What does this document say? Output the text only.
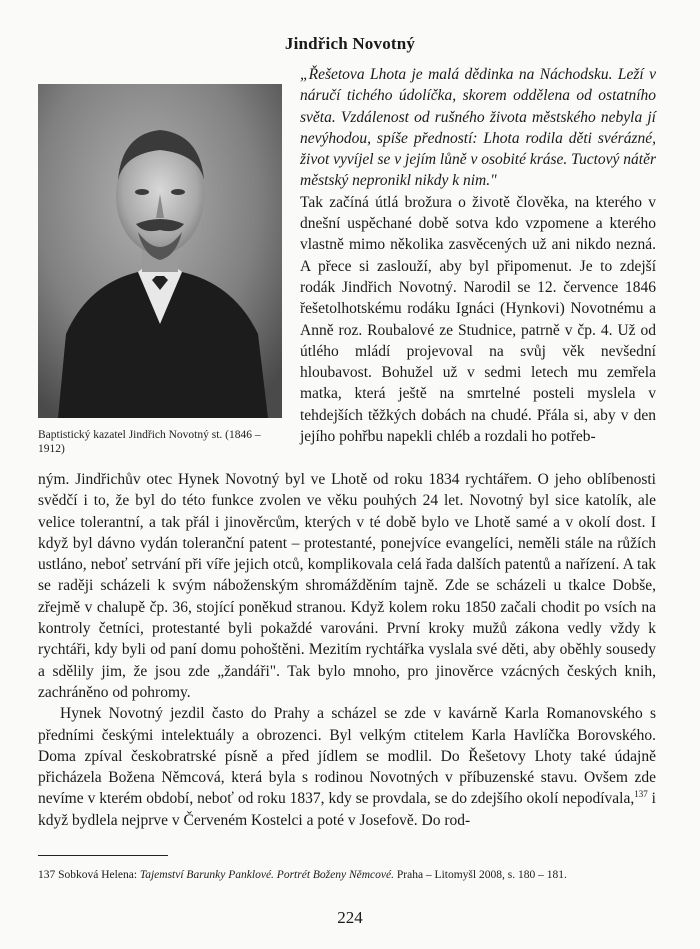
Jindřich Novotný
Baptistický kazatel Jindřich Novotný st. (1846 – 1912)

„Řešetova Lhota je malá dědinka na Náchodsku. Leží v náručí tichého údolíčka, skorem oddělena od ostatního světa. Vzdálenost od rušného života městského nebyla jí nevýhodou, spíše předností: Lhota rodila děti svérázné, život vyvíjel se v jejím lůně v osobité kráse. Tuctový nátěr městský nepronikl nikdy k nim."

Tak začíná útlá brožura o životě člověka, na kterého v dnešní uspěchané době sotva kdo vzpomene a kterého vlastně mimo několika zasvěcených už ani nikdo nezná. A přece si zaslouží, aby byl připomenut. Je to zdejší rodák Jindřich Novotný. Narodil se 12. července 1846 řešetolhotskému rodáku Ignáci (Hynkovi) Novotnému a Anně roz. Roubalové ze Studnice, patrně v čp. 4. Už od útlého mládí projevoval na svůj věk nevšední hloubavost. Bohužel už v sedmi letech mu zemřela matka, která ještě na smrtelné posteli myslela v tehdejších těžkých dobách na chudé. Přála si, aby v den jejího pohřbu napekli chléb a rozdali ho potřeb-

ným. Jindřichův otec Hynek Novotný byl ve Lhotě od roku 1834 rychtářem. O jeho oblíbenosti svědčí i to, že byl do této funkce zvolen ve věku pouhých 24 let. Novotný byl sice katolík, ale velice tolerantní, a tak přál i jinověrcům, kterých v té době bylo ve Lhotě samé a v okolí dost. I když byl dávno vydán toleranční patent – protestanté, ponejvíce evangelíci, neměli stále na růžích ustláno, neboť setrvání při víře jejich otců, komplikovala celá řada dalších patentů a nařízení. A tak se raději scházeli k svým náboženským shromážděním tajně. Zde se scházeli u tkalce Dobše, zřejmě v chalupě čp. 36, stojící poněkud stranou. Když kolem roku 1850 začali chodit po vsích na kontroly četníci, protestanté byli pokaždé varováni. První kroky mužů zákona vedly vždy k rychtáři, kdy byli od paní domu pohoštěni. Mezitím rychtářka vyslala své děti, aby oběhly sousedy a sdělily jim, že jsou zde „žandáři". Tak bylo mnoho, pro jinověrce vzácných českých knih, zachráněno od pohromy.

Hynek Novotný jezdil často do Prahy a scházel se zde v kavárně Karla Romanovského s předními českými intelektuály a obrozenci. Byl velkým ctitelem Karla Havlíčka Borovského. Doma zpíval českobratrské písně a před jídlem se modlil. Do Řešetovy Lhoty také údajně přicházela Božena Němcová, která byla s rodinou Novotných v příbuzenské stavu. Ovšem zde nevíme v kterém období, neboť od roku 1837, kdy se provdala, se do zdejšího okolí nepodívala,$^{137}$ i když bydlela nejprve v Červeném Kostelci a poté v Josefově. Do rod-

137 Sobková Helena: Tajemství Barunky Panklové. Portrét Boženy Němcové. Praha – Litomyšl 2008, s. 180 – 181.
224
